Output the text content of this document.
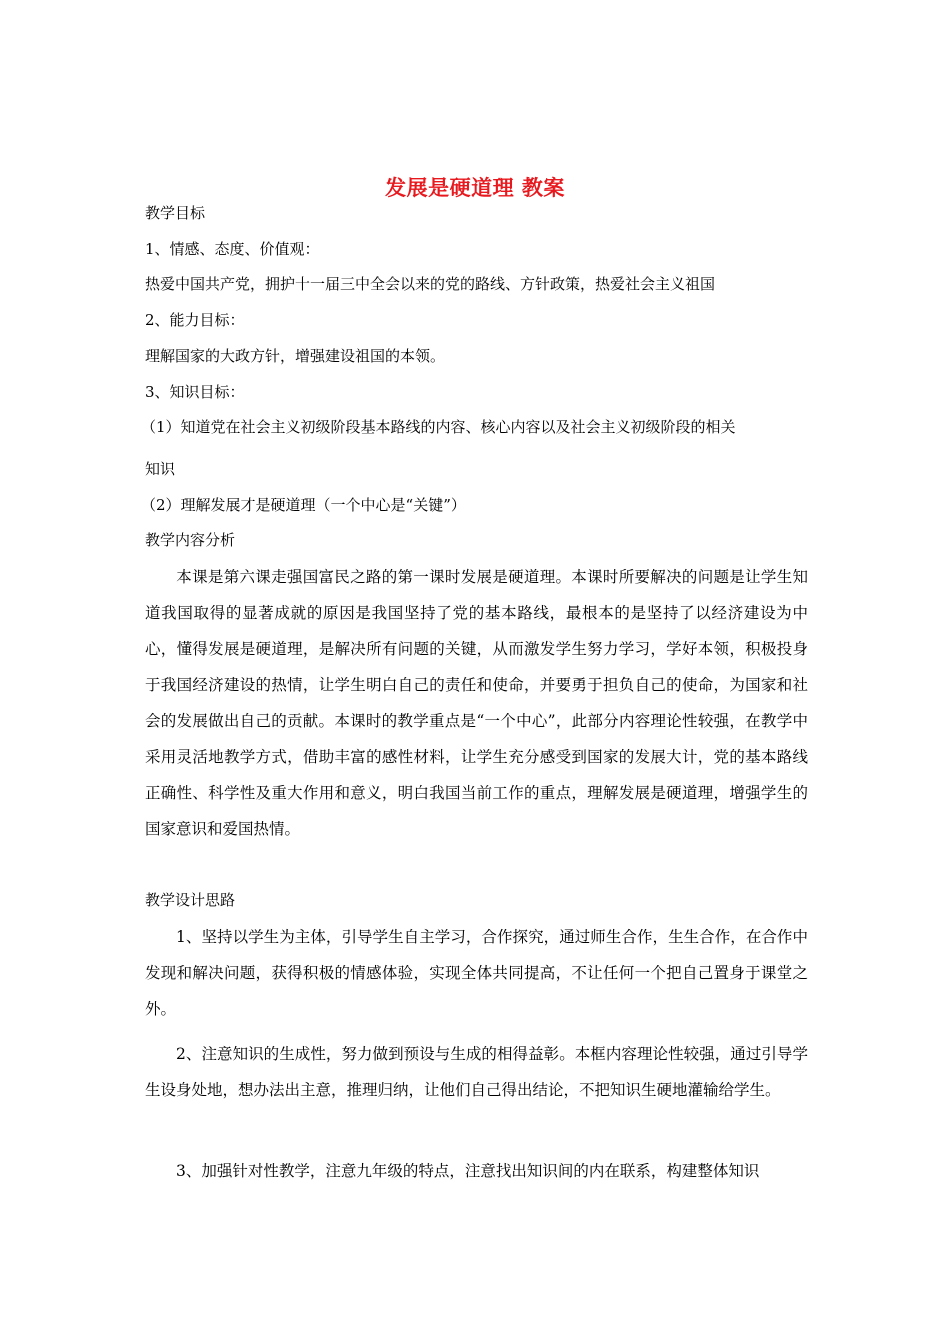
发展是硬道理 教案
教学目标
1、情感、态度、价值观：
热爱中国共产党，拥护十一届三中全会以来的党的路线、方针政策，热爱社会主义祖国
2、能力目标：
理解国家的大政方针，增强建设祖国的本领。
3、知识目标：
（1）知道党在社会主义初级阶段基本路线的内容、核心内容以及社会主义初级阶段的相关
知识
（2）理解发展才是硬道理（一个中心是“关键”）
教学内容分析
本课是第六课走强国富民之路的第一课时发展是硬道理。本课时所要解决的问题是让学生知道我国取得的显著成就的原因是我国坚持了党的基本路线，最根本的是坚持了以经济建设为中心，懂得发展是硬道理，是解决所有问题的关键，从而激发学生努力学习，学好本领，积极投身于我国经济建设的热情，让学生明白自己的责任和使命，并要勇于担负自己的使命，为国家和社会的发展做出自己的贡献。本课时的教学重点是“一个中心”，此部分内容理论性较强，在教学中采用灵活地教学方式，借助丰富的感性材料，让学生充分感受到国家的发展大计，党的基本路线正确性、科学性及重大作用和意义，明白我国当前工作的重点，理解发展是硬道理，增强学生的国家意识和爱国热情。
教学设计思路
1、坚持以学生为主体，引导学生自主学习，合作探究，通过师生合作，生生合作，在合作中发现和解决问题，获得积极的情感体验，实现全体共同提高，不让任何一个把自己置身于课堂之外。
2、注意知识的生成性，努力做到预设与生成的相得益彰。本框内容理论性较强，通过引导学生设身处地，想办法出主意，推理归纳，让他们自己得出结论，不把知识生硬地灌输给学生。
3、加强针对性教学，注意九年级的特点，注意找出知识间的内在联系，构建整体知识
